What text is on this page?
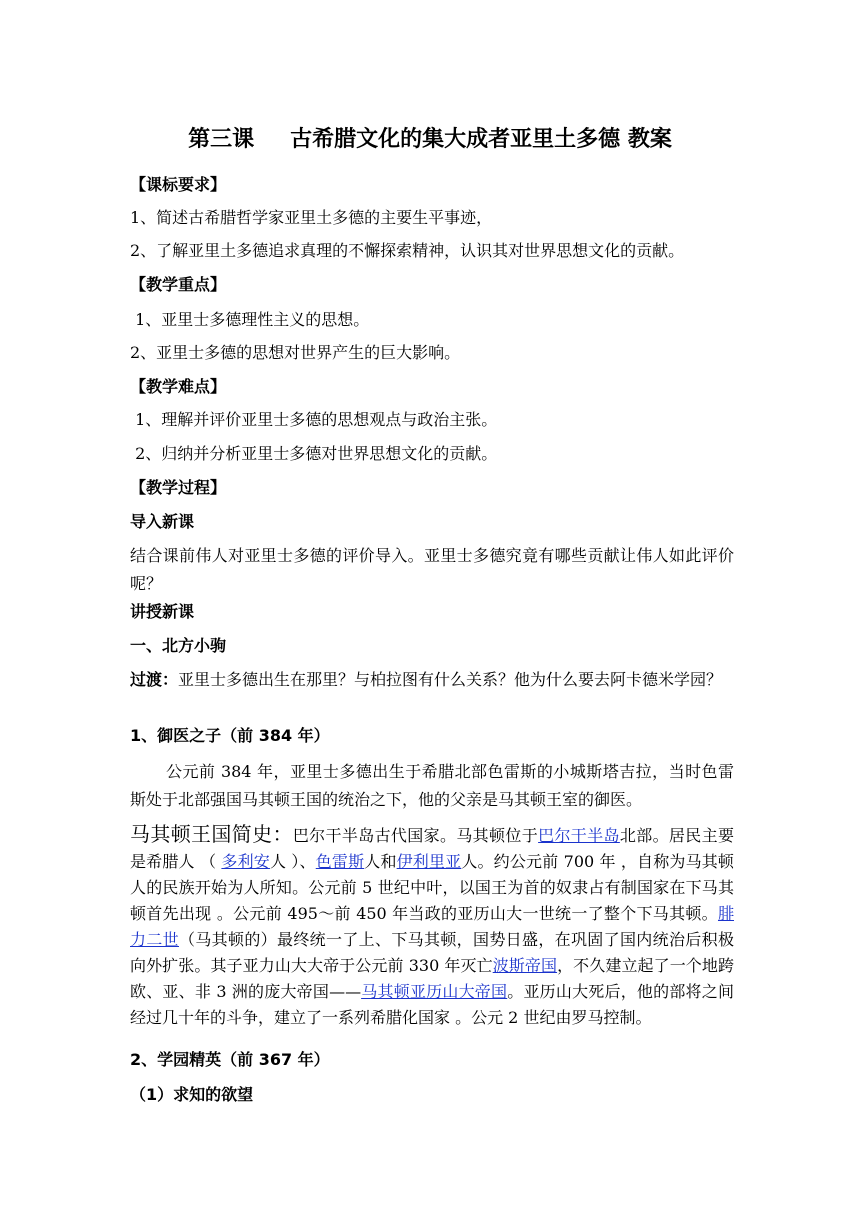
第三课 古希腊文化的集大成者亚里土多德 教案
【课标要求】
1、简述古希腊哲学家亚里土多德的主要生平事迹，
2、了解亚里土多德追求真理的不懈探索精神，认识其对世界思想文化的贡献。
【教学重点】
1、亚里士多德理性主义的思想。
2、亚里士多德的思想对世界产生的巨大影响。
【教学难点】
1、理解并评价亚里士多德的思想观点与政治主张。
2、归纳并分析亚里士多德对世界思想文化的贡献。
【教学过程】
导入新课
结合课前伟人对亚里士多德的评价导入。亚里士多德究竟有哪些贡献让伟人如此评价呢？
讲授新课
一、北方小驹
过渡：亚里士多德出生在那里？与柏拉图有什么关系？他为什么要去阿卡德米学园？
1、御医之子（前 384 年）
公元前 384 年，亚里士多德出生于希腊北部色雷斯的小城斯塔吉拉，当时色雷斯处于北部强国马其顿王国的统治之下，他的父亲是马其顿王室的御医。
马其顿王国简史：巴尔干半岛古代国家。马其顿位于巴尔干半岛北部。居民主要是希腊人 （ 多利安人 ）、色雷斯人和伊利里亚人。约公元前 700 年 ，自称为马其顿人的民族开始为人所知。公元前 5 世纪中叶，以国王为首的奴隶占有制国家在下马其顿首先出现 。公元前 495～前 450 年当政的亚历山大一世统一了整个下马其顿。腓力二世（马其顿的）最终统一了上、下马其顿，国势日盛，在巩固了国内统治后积极向外扩张。其子亚力山大大帝于公元前 330 年灭亡波斯帝国，不久建立起了一个地跨欧、亚、非 3 洲的庞大帝国——马其顿亚历山大帝国。亚历山大死后，他的部将之间经过几十年的斗争，建立了一系列希腊化国家 。公元 2 世纪由罗马控制。
2、学园精英（前 367 年）
（1）求知的欲望
